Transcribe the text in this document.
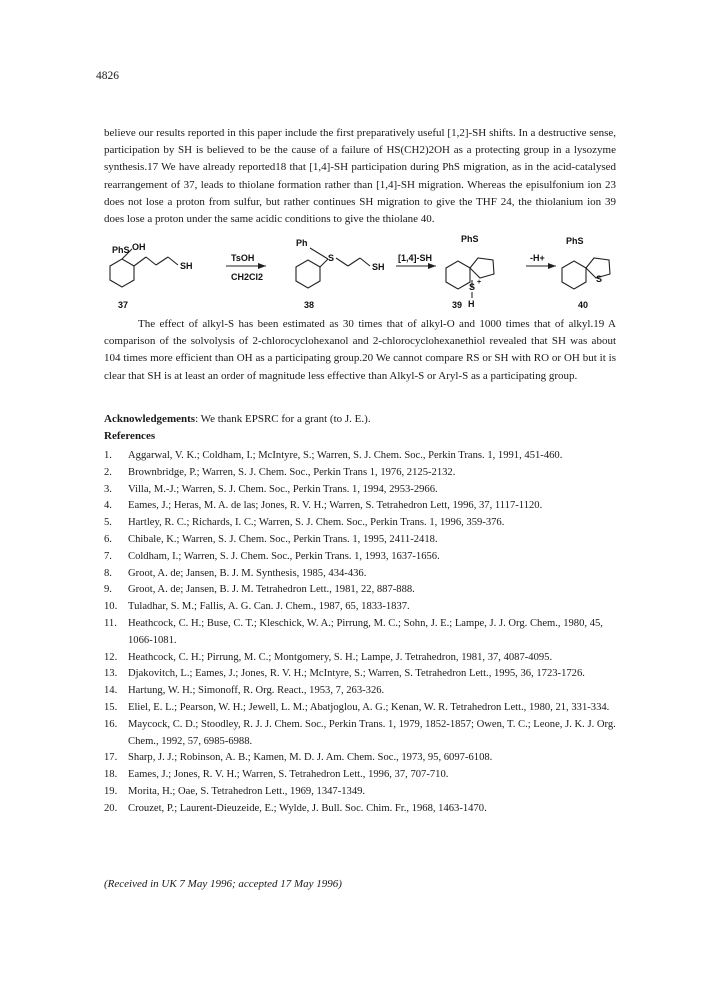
4826
believe our results reported in this paper include the first preparatively useful [1,2]-SH shifts. In a destructive sense, participation by SH is believed to be the cause of a failure of HS(CH2)2OH as a protecting group in a lysozyme synthesis.17 We have already reported18 that [1,4]-SH participation during PhS migration, as in the acid-catalysed rearrangement of 37, leads to thiolane formation rather than [1,4]-SH migration. Whereas the episulfonium ion 23 does not lose a proton from sulfur, but rather continues SH migration to give the THF 24, the thiolanium ion 39 does lose a proton under the same acidic conditions to give the thiolane 40.
PhS OH
SH
TsOH
CH2Cl2
Ph
S
SH
[1,4]-SH
PhS
S +
H
-H+
PhS
S
37	38	39	40
The effect of alkyl-S has been estimated as 30 times that of alkyl-O and 1000 times that of alkyl.19 A comparison of the solvolysis of 2-chlorocyclohexanol and 2-chlorocyclohexanethiol revealed that SH was about 104 times more efficient than OH as a participating group.20 We cannot compare RS or SH with RO or OH but it is clear that SH is at least an order of magnitude less effective than Alkyl-S or Aryl-S as a participating group.
Acknowledgements: We thank EPSRC for a grant (to J. E.).
References
1.	Aggarwal, V. K.; Coldham, I.; McIntyre, S.; Warren, S. J. Chem. Soc., Perkin Trans. 1, 1991, 451-460.
2.	Brownbridge, P.; Warren, S. J. Chem. Soc., Perkin Trans 1, 1976, 2125-2132.
3.	Villa, M.-J.; Warren, S. J. Chem. Soc., Perkin Trans. 1, 1994, 2953-2966.
4.	Eames, J.; Heras, M. A. de las; Jones, R. V. H.; Warren, S. Tetrahedron Lett, 1996, 37, 1117-1120.
5.	Hartley, R. C.; Richards, I. C.; Warren, S. J. Chem. Soc., Perkin Trans. 1, 1996, 359-376.
6.	Chibale, K.; Warren, S. J. Chem. Soc., Perkin Trans. 1, 1995, 2411-2418.
7.	Coldham, I.; Warren, S. J. Chem. Soc., Perkin Trans. 1, 1993, 1637-1656.
8.	Groot, A. de; Jansen, B. J. M. Synthesis, 1985, 434-436.
9.	Groot, A. de; Jansen, B. J. M. Tetrahedron Lett., 1981, 22, 887-888.
10.	Tuladhar, S. M.; Fallis, A. G. Can. J. Chem., 1987, 65, 1833-1837.
11.	Heathcock, C. H.; Buse, C. T.; Kleschick, W. A.; Pirrung, M. C.; Sohn, J. E.; Lampe, J. J. Org. Chem., 1980, 45, 1066-1081.
12.	Heathcock, C. H.; Pirrung, M. C.; Montgomery, S. H.; Lampe, J. Tetrahedron, 1981, 37, 4087-4095.
13.	Djakovitch, L.; Eames, J.; Jones, R. V. H.; McIntyre, S.; Warren, S. Tetrahedron Lett., 1995, 36, 1723-1726.
14.	Hartung, W. H.; Simonoff, R. Org. React., 1953, 7, 263-326.
15.	Eliel, E. L.; Pearson, W. H.; Jewell, L. M.; Abatjoglou, A. G.; Kenan, W. R. Tetrahedron Lett., 1980, 21, 331-334.
16.	Maycock, C. D.; Stoodley, R. J. J. Chem. Soc., Perkin Trans. 1, 1979, 1852-1857; Owen, T. C.; Leone, J. K. J. Org. Chem., 1992, 57, 6985-6988.
17.	Sharp, J. J.; Robinson, A. B.; Kamen, M. D. J. Am. Chem. Soc., 1973, 95, 6097-6108.
18.	Eames, J.; Jones, R. V. H.; Warren, S. Tetrahedron Lett., 1996, 37, 707-710.
19.	Morita, H.; Oae, S. Tetrahedron Lett., 1969, 1347-1349.
20.	Crouzet, P.; Laurent-Dieuzeide, E.; Wylde, J. Bull. Soc. Chim. Fr., 1968, 1463-1470.
(Received in UK 7 May 1996; accepted 17 May 1996)
